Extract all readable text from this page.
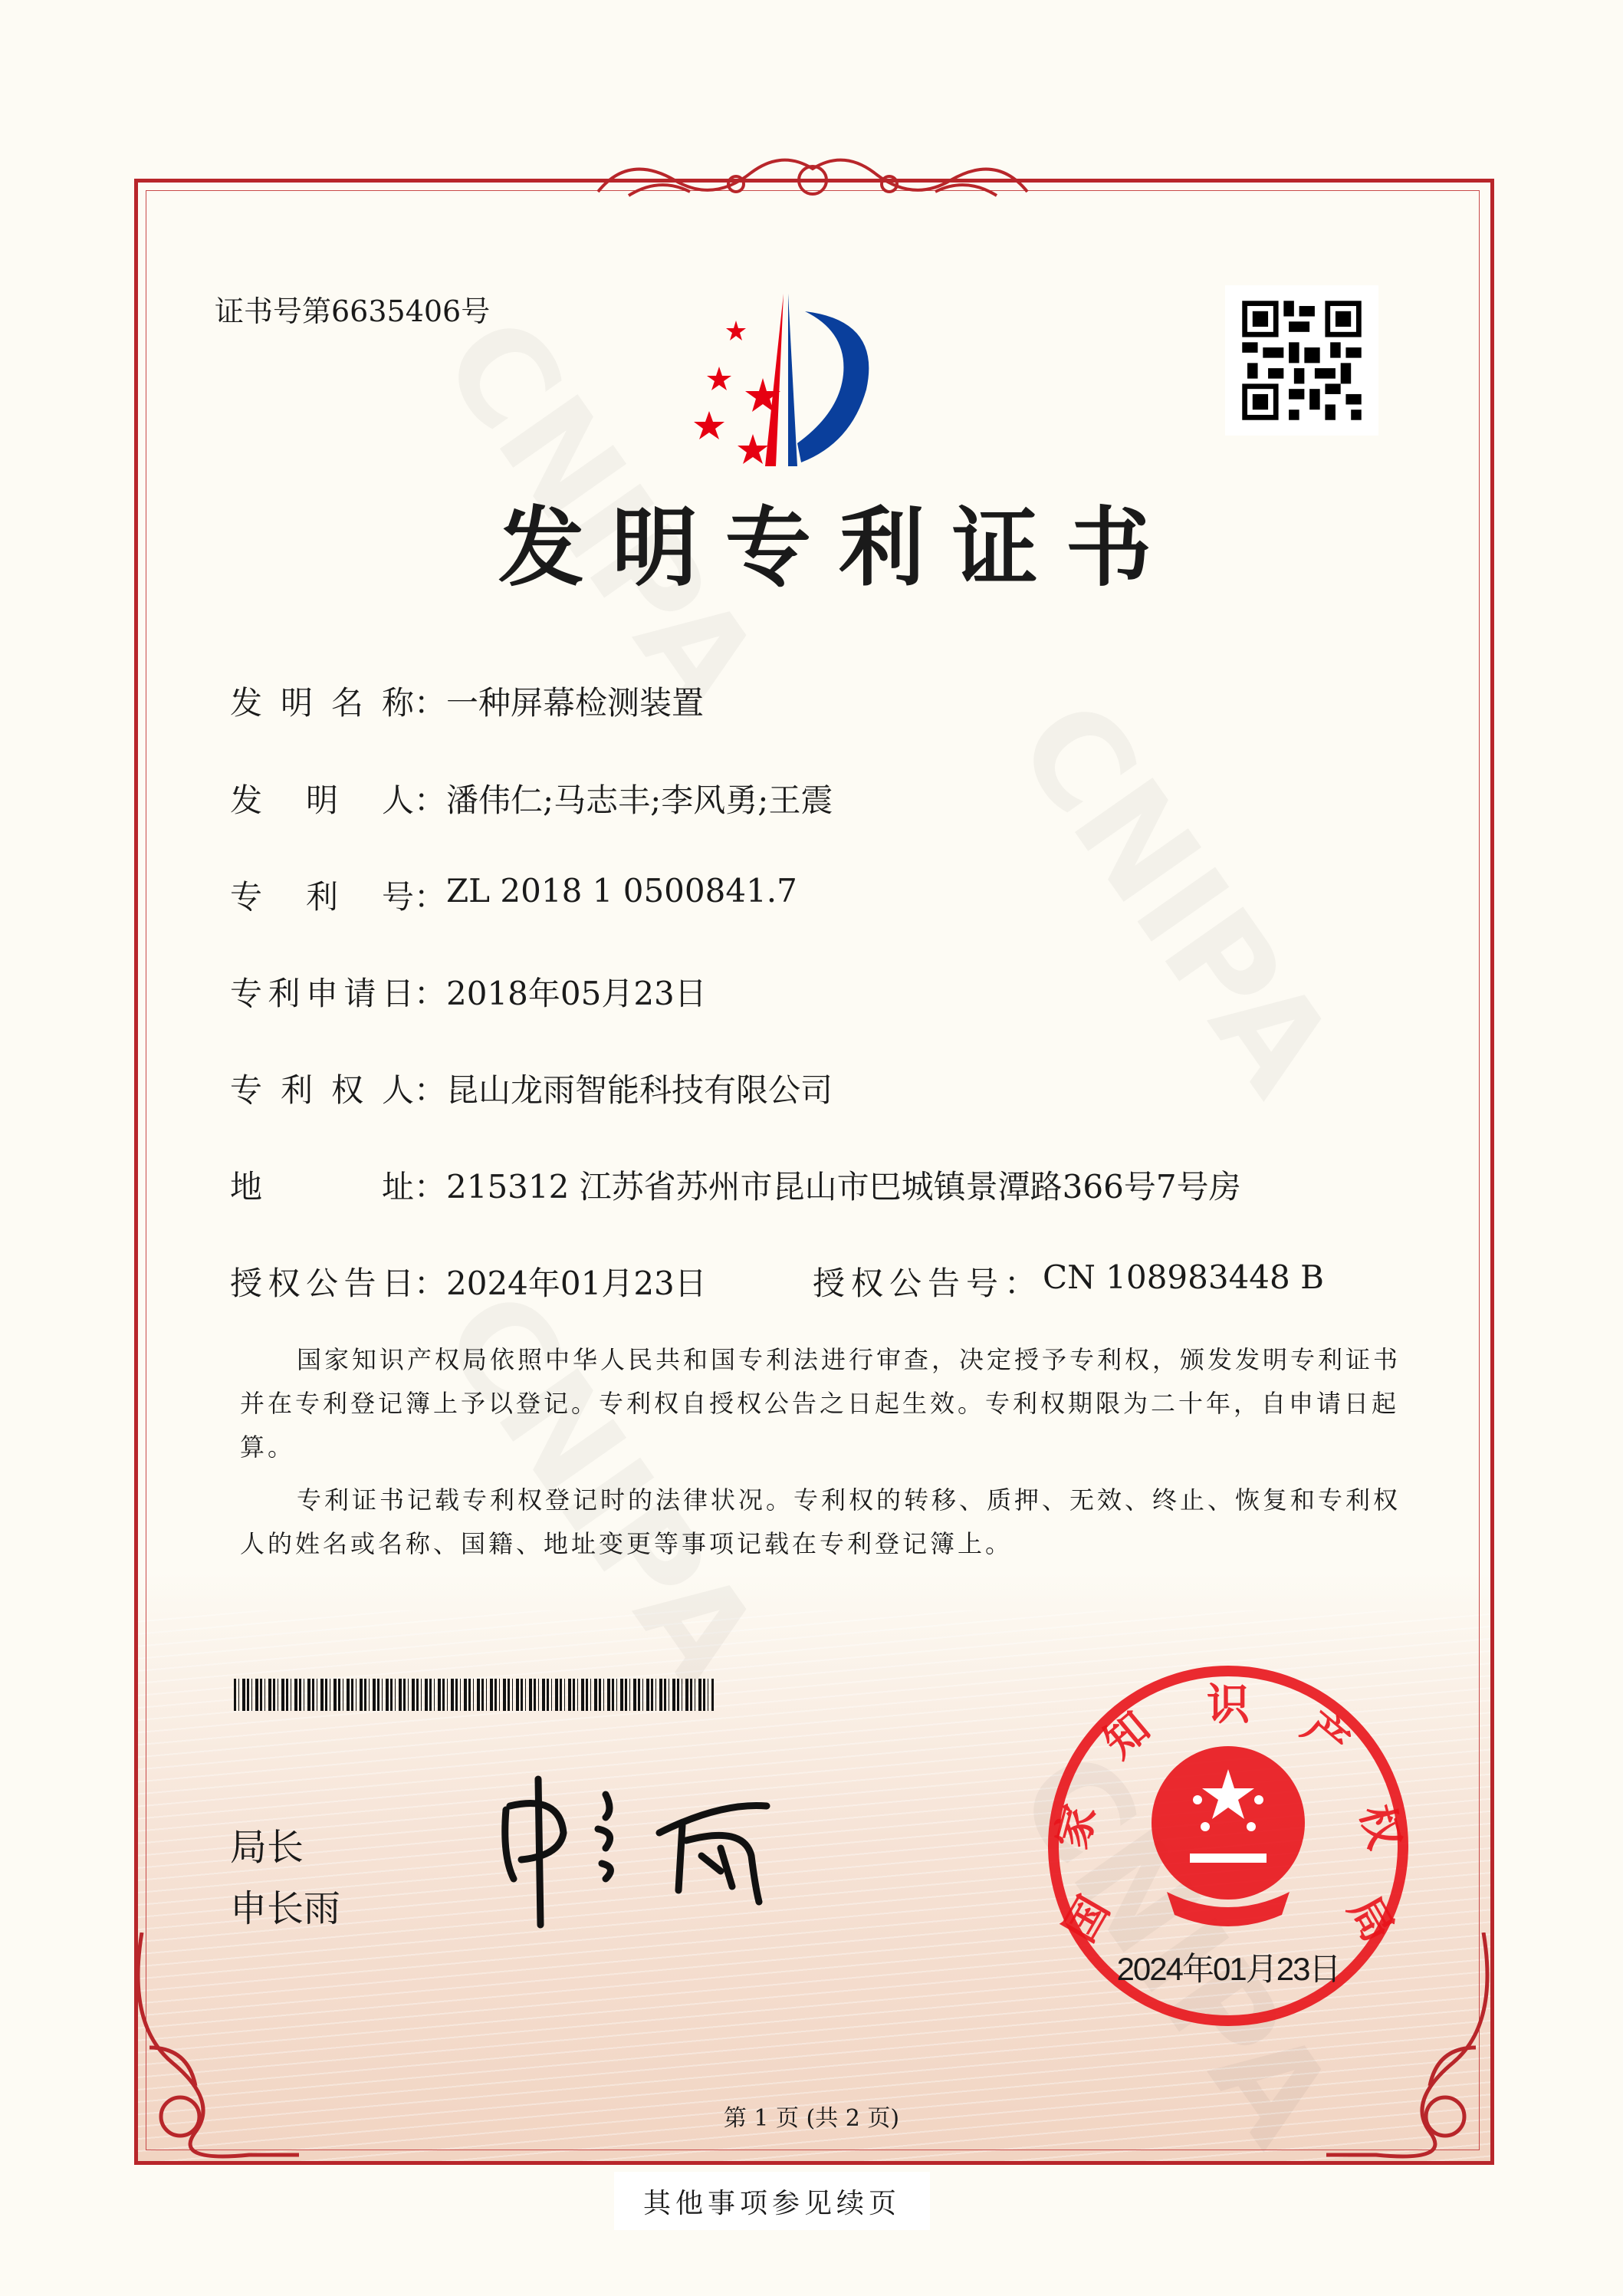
证书号第6635406号
发明专利证书
发 明 名 称： 一种屏幕检测装置
发 明 人： 潘伟仁;马志丰;李风勇;王震
专 利 号： ZL 2018 1 0500841.7
专 利 申 请 日： 2018年05月23日
专 利 权 人： 昆山龙雨智能科技有限公司
地	址： 215312 江苏省苏州市昆山市巴城镇景潭路366号7号房
授 权 公 告 日： 2024年01月23日	授权公告号： CN 108983448 B

国家知识产权局依照中华人民共和国专利法进行审查，决定授予专利权，颁发发明专利证书并在专利登记簿上予以登记。专利权自授权公告之日起生效。专利权期限为二十年，自申请日起算。

专利证书记载专利权登记时的法律状况。专利权的转移、质押、无效、终止、恢复和专利权人的姓名或名称、国籍、地址变更等事项记载在专利登记簿上。

局长
申长雨	国
家
知 识 产
权
局
2024年01月23日
第 1 页 (共 2 页)
其他事项参见续页
